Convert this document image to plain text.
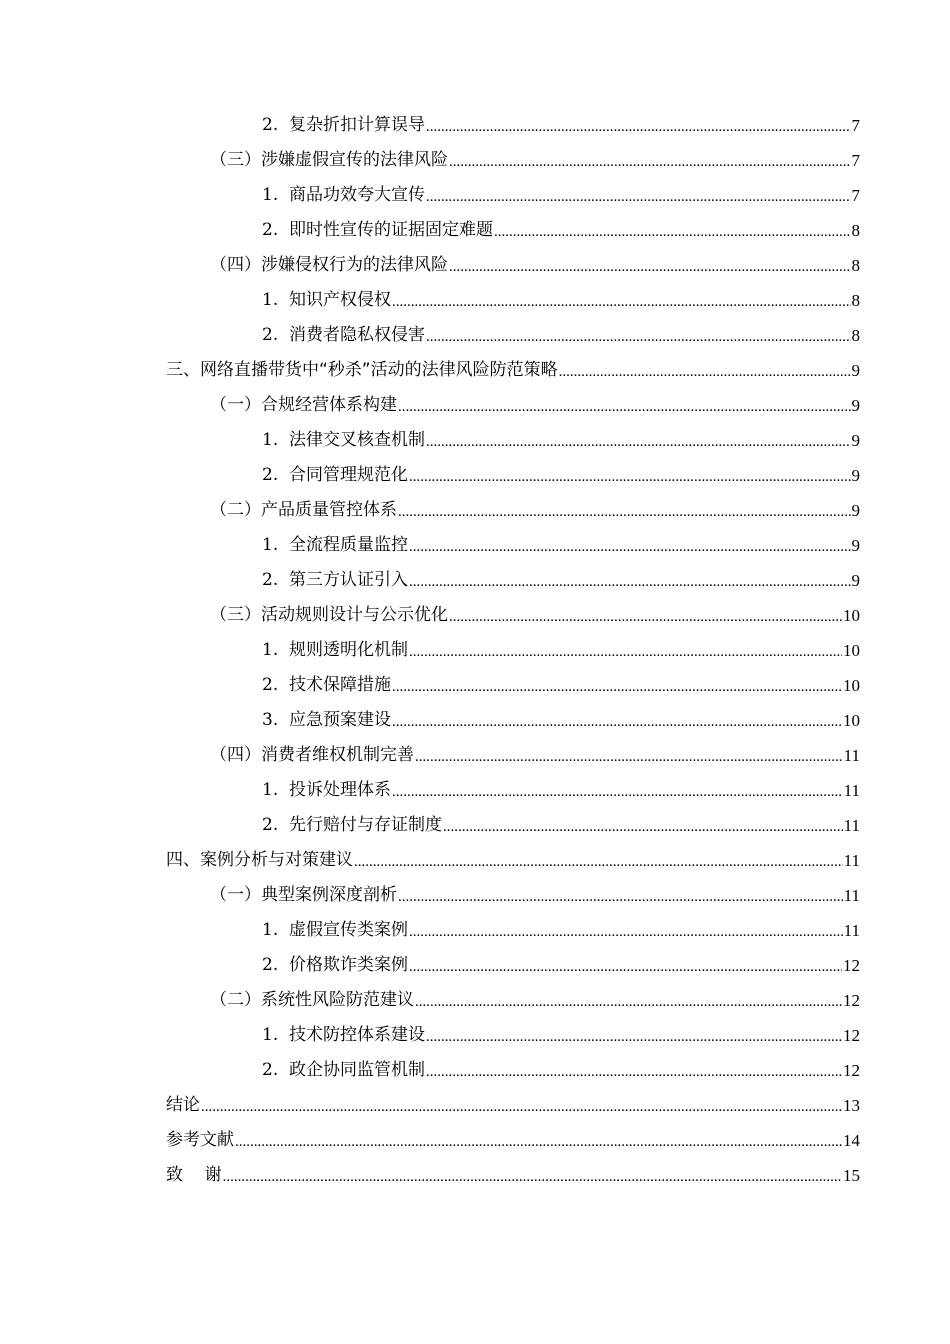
2.  复杂折扣计算误导 .....	7
（三）涉嫌虚假宣传的法律风险 .....	7
1.  商品功效夸大宣传 .....	7
2.  即时性宣传的证据固定难题 .....	8
（四）涉嫌侵权行为的法律风险 .....	8
1.  知识产权侵权 .....	8
2.  消费者隐私权侵害 .....	8
三、网络直播带货中“秒杀”活动的法律风险防范策略 .....	9
（一）合规经营体系构建 .....	9
1.  法律交叉核查机制 .....	9
2.  合同管理规范化 .....	9
（二）产品质量管控体系 .....	9
1.  全流程质量监控 .....	9
2.  第三方认证引入 .....	9
（三）活动规则设计与公示优化 .....	10
1.  规则透明化机制 .....	10
2.  技术保障措施 .....	10
3.  应急预案建设 .....	10
（四）消费者维权机制完善 .....	11
1.  投诉处理体系 .....	11
2.  先行赔付与存证制度 .....	11
四、案例分析与对策建议 .....	11
（一）典型案例深度剖析 .....	11
1.  虚假宣传类案例 .....	11
2.  价格欺诈类案例 .....	12
（二）系统性风险防范建议 .....	12
1.  技术防控体系建设 .....	12
2.  政企协同监管机制 .....	12
结论 .....	13
参考文献 .....	14
致    谢 .....	15
